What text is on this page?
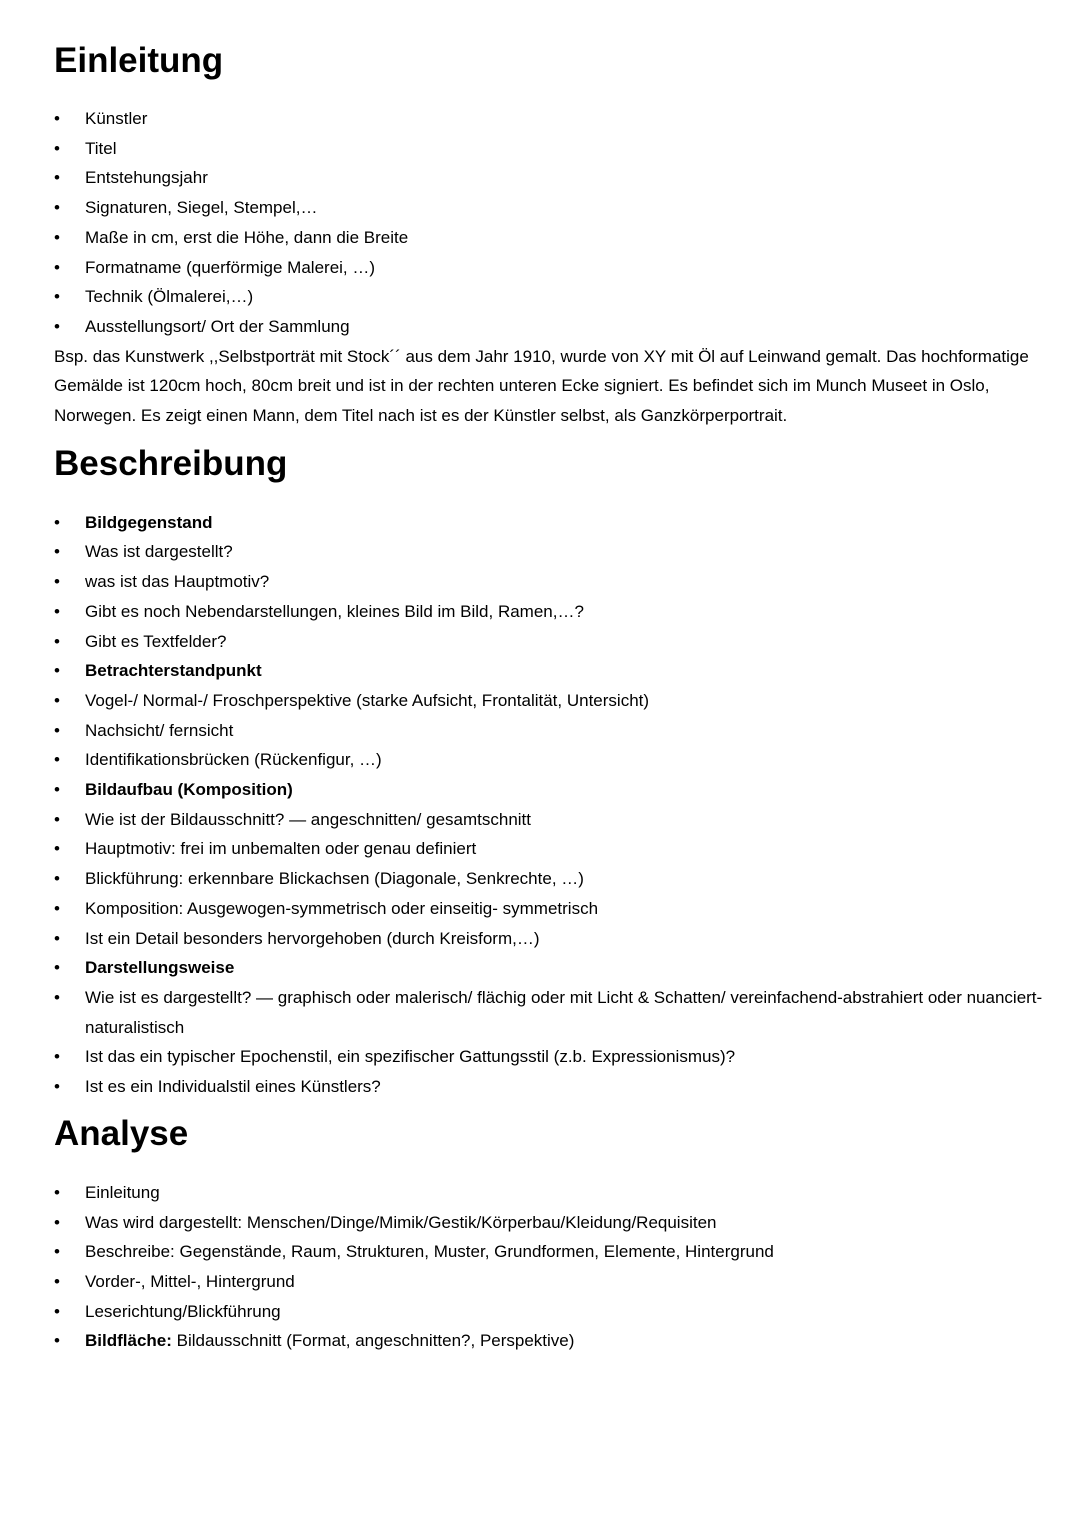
Einleitung
• Künstler
• Titel
• Entstehungsjahr
• Signaturen, Siegel, Stempel,…
• Maße in cm, erst die Höhe, dann die Breite
• Formatname (querförmige Malerei, …)
• Technik (Ölmalerei,…)
• Ausstellungsort/ Ort der Sammlung

Bsp. das Kunstwerk ,,Selbstporträt mit Stock´´ aus dem Jahr 1910, wurde von XY mit Öl auf Leinwand gemalt. Das hochformatige Gemälde ist 120cm hoch, 80cm breit und ist in der rechten unteren Ecke signiert. Es befindet sich im Munch Museet in Oslo, Norwegen. Es zeigt einen Mann, dem Titel nach ist es der Künstler selbst, als Ganzkörperportrait.

Beschreibung
• Bildgegenstand
• Was ist dargestellt?
• was ist das Hauptmotiv?
• Gibt es noch Nebendarstellungen, kleines Bild im Bild, Ramen,…?
• Gibt es Textfelder?
• Betrachterstandpunkt
• Vogel-/ Normal-/ Froschperspektive (starke Aufsicht, Frontalität, Untersicht)
• Nachsicht/ fernsicht
• Identifikationsbrücken (Rückenfigur, …)
• Bildaufbau (Komposition)
• Wie ist der Bildausschnitt? — angeschnitten/ gesamtschnitt
• Hauptmotiv: frei im unbemalten oder genau definiert
• Blickführung: erkennbare Blickachsen (Diagonale, Senkrechte, …)
• Komposition: Ausgewogen-symmetrisch oder einseitig- symmetrisch
• Ist ein Detail besonders hervorgehoben (durch Kreisform,…)
• Darstellungsweise
• Wie ist es dargestellt? — graphisch oder malerisch/ flächig oder mit Licht & Schatten/ vereinfachend-abstrahiert oder nuanciert-naturalistisch
• Ist das ein typischer Epochenstil, ein spezifischer Gattungsstil (z.b. Expressionismus)?
• Ist es ein Individualstil eines Künstlers?
Analyse
• Einleitung
• Was wird dargestellt: Menschen/Dinge/Mimik/Gestik/Körperbau/Kleidung/Requisiten
• Beschreibe: Gegenstände, Raum, Strukturen, Muster, Grundformen, Elemente, Hintergrund
• Vorder-, Mittel-, Hintergrund
• Leserichtung/Blickführung
• Bildfläche: Bildausschnitt (Format, angeschnitten?, Perspektive)
